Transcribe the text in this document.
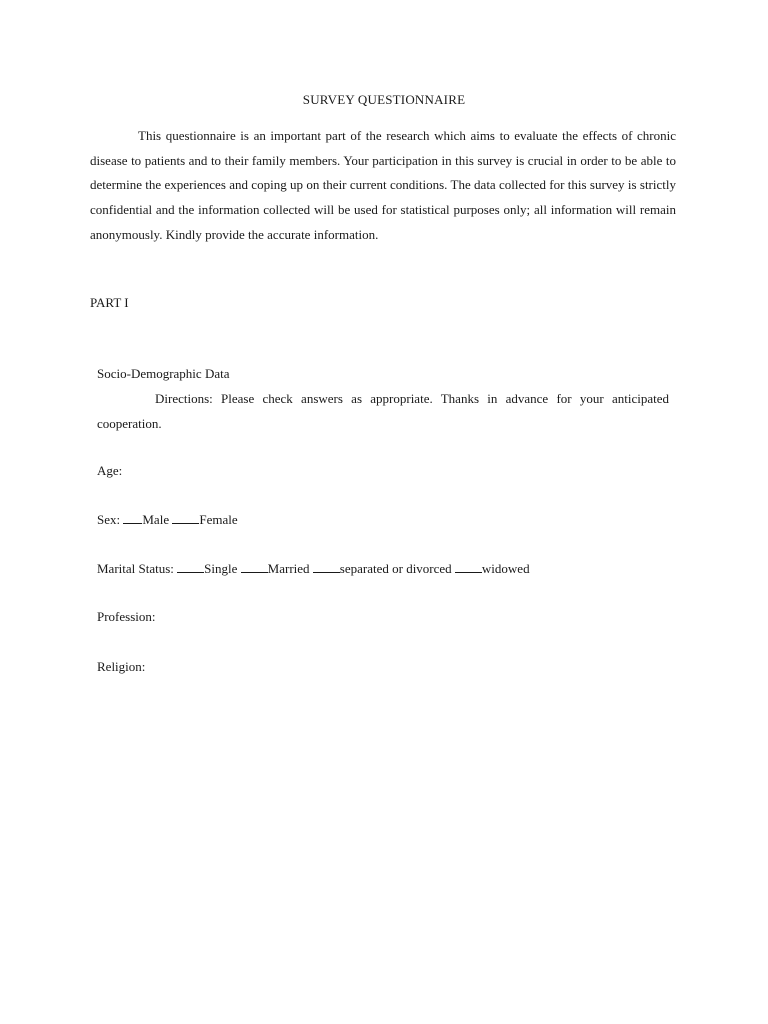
SURVEY QUESTIONNAIRE
This questionnaire is an important part of the research which aims to evaluate the effects of chronic disease to patients and to their family members. Your participation in this survey is crucial in order to be able to determine the experiences and coping up on their current conditions. The data collected for this survey is strictly confidential and the information collected will be used for statistical purposes only; all information will remain anonymously. Kindly provide the accurate information.
PART I
Socio-Demographic Data
Directions: Please check answers as appropriate. Thanks in advance for your anticipated cooperation.
Age:
Sex: Male Female
Marital Status: Single Married separated or divorced widowed
Profession:
Religion:
